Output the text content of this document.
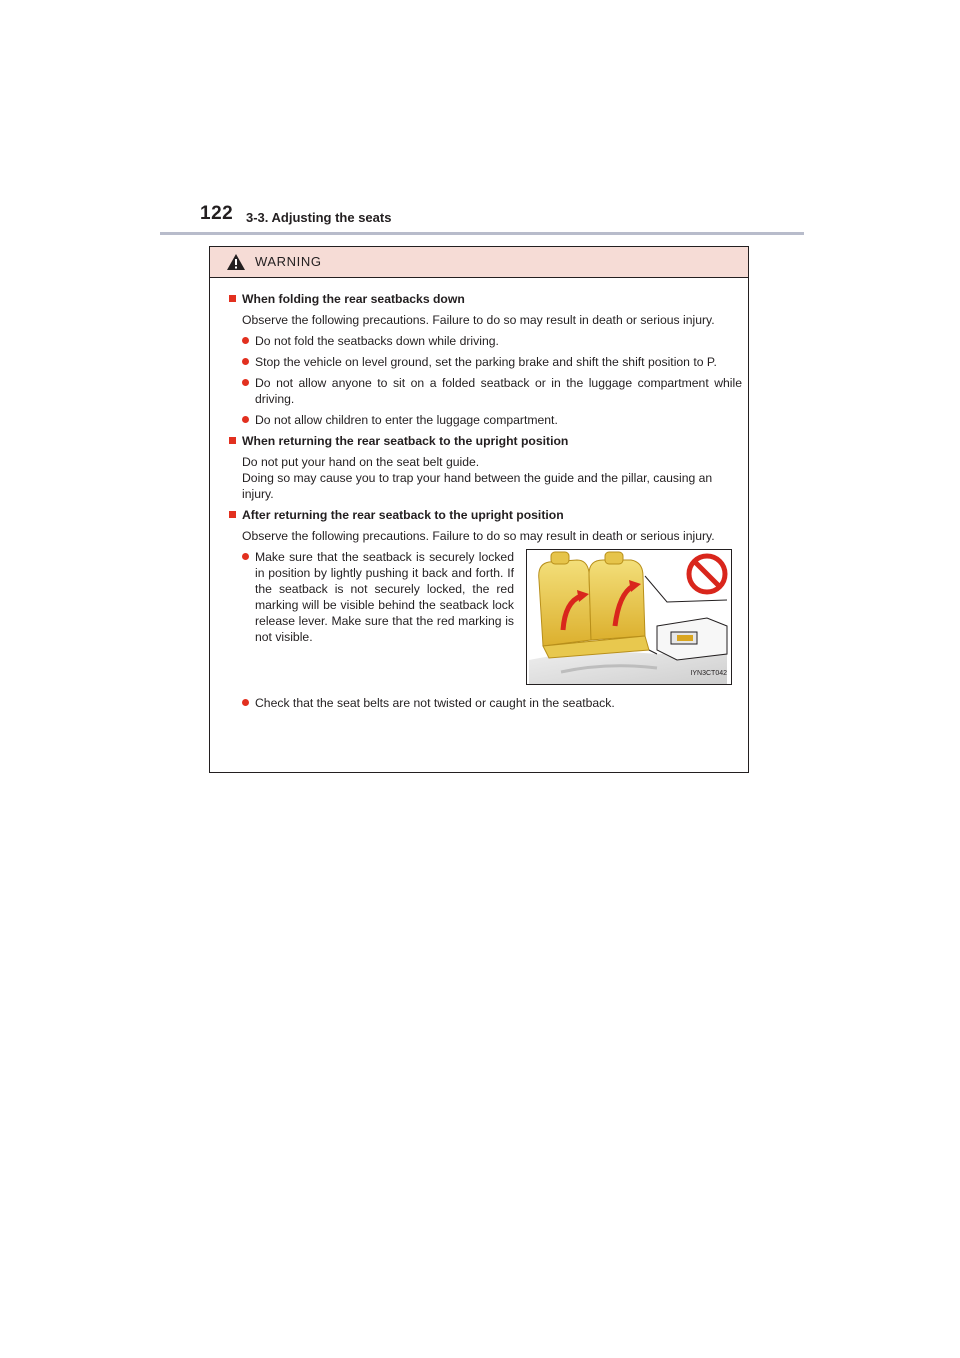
122 3-3. Adjusting the seats
WARNING
When folding the rear seatbacks down
Observe the following precautions. Failure to do so may result in death or serious injury.
Do not fold the seatbacks down while driving.
Stop the vehicle on level ground, set the parking brake and shift the shift position to P.
Do not allow anyone to sit on a folded seatback or in the luggage compartment while driving.
Do not allow children to enter the luggage compartment.
When returning the rear seatback to the upright position
Do not put your hand on the seat belt guide.
Doing so may cause you to trap your hand between the guide and the pillar, causing an injury.
After returning the rear seatback to the upright position
Observe the following precautions. Failure to do so may result in death or serious injury.
Make sure that the seatback is securely locked in position by lightly pushing it back and forth. If the seatback is not securely locked, the red marking will be visible behind the seatback lock release lever. Make sure that the red marking is not visible.
IYN3CT042
Check that the seat belts are not twisted or caught in the seatback.
